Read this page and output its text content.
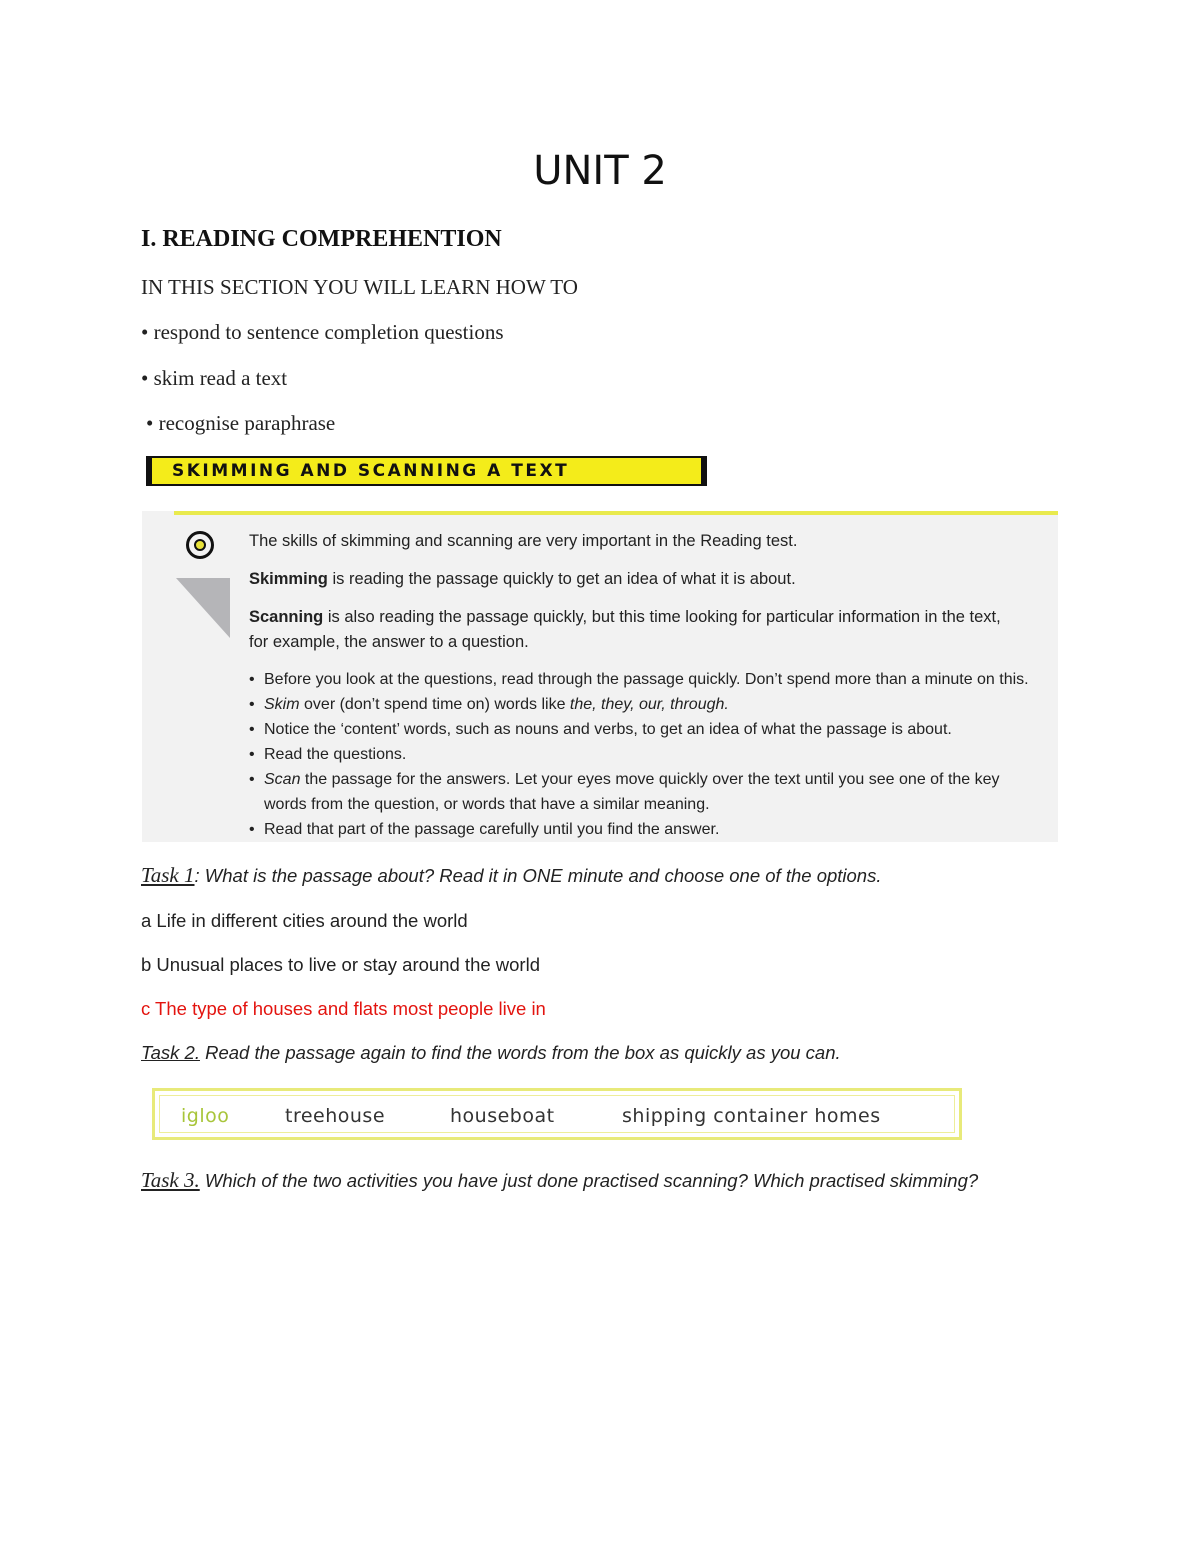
UNIT 2
I. READING COMPREHENTION
IN THIS SECTION YOU WILL LEARN HOW TO
• respond to sentence completion questions
• skim read a text
• recognise paraphrase
SKIMMING AND SCANNING A TEXT
The skills of skimming and scanning are very important in the Reading test.
Skimming is reading the passage quickly to get an idea of what it is about.
Scanning is also reading the passage quickly, but this time looking for particular information in the text,
for example, the answer to a question.
• Before you look at the questions, read through the passage quickly. Don’t spend more than a minute on this.
• Skim over (don’t spend time on) words like the, they, our, through.
• Notice the ‘content’ words, such as nouns and verbs, to get an idea of what the passage is about.
• Read the questions.
• Scan the passage for the answers. Let your eyes move quickly over the text until you see one of the key
words from the question, or words that have a similar meaning.
• Read that part of the passage carefully until you find the answer.
Task 1: What is the passage about? Read it in ONE minute and choose one of the options.
a Life in different cities around the world
b Unusual places to live or stay around the world
c The type of houses and flats most people live in
Task 2. Read the passage again to find the words from the box as quickly as you can.
igloo	treehouse	houseboat	shipping container homes
Task 3. Which of the two activities you have just done practised scanning? Which practised skimming?
